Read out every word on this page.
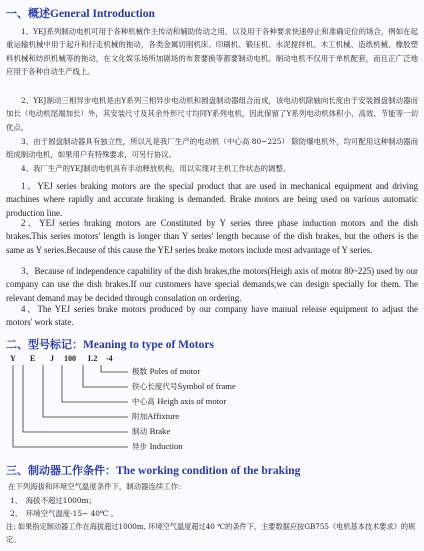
一、概述General Introduction

1、YEJ系列制动电机可用于各种机械作主传动和辅助传动之用，以及用于各种要求快速停止和准确定位的场合，例如在起重运输机械中用于起升和行走机械的拖动，各类金属切削机床、印刷机、锻压机、水泥搅拌机、木工机械、造纸机械、橡胶塑料机械和纺织机械等的拖动，在文化娱乐场所加剧场的布景要换等都要制动电机。制动电机不仅用于单机配套，而且正广泛地应用于各种自动生产线上。

2、YEJ制动三相异步电机是由Y系列三相异步电动机和圆盘制动器组合而成，该电动机除轴向长度由于安装圆盘制动器而加长（电动机尾端加长）外，其安装尺寸及其余外形尺寸均同Y系列电机，因此保留了Y系列电动机体积小、高效、节能等一切优点。

3、由于圆盘制动器具有独立性，所以凡是我厂生产的电动机（中心高 80~225） 除防爆电机外，均可配用这种制动器而组成制动电机，如果用户有特殊要求，可另行协议。

4、我厂生产的YEJ制动电机具有手动释放机构，用以实现对主机工作状态的调整。

1、YEJ series braking motors are the special product that are used in mechanical equipment and driving machines where rapidly and accurate braking is demanded. Brake motors are being used on various automatic production line.

2、YEJ series braking motors are Constituted by Y series three phase induction motors and the dish brakes.This series motors' length is longer than Y series' length because of the dish brakes, but the others is the same as Y series.Because of this cause the YEJ series brake motors include most advantage of Y series.

3、Because of independence capability of the dish brakes,the motors(Heigh axis of motor 80~225) used by our company can use the dish brakes.If our customers have special demands,we can design specially for them. The relevant demand may be decided through consulation on ordering.

4、The YEJ series brake motors produced by our company have manual release equipment to adjust the motors' work state.

二、型号标记：Meaning to type of Motors
Y E J 100 L2 -4
极数 Poles of motor
铁心长度代号Symbol of frame
中心高 Heigh axis of motor
附加Affixture
制动 Brake
异步 Induction
三、制动器工作条件：The working condition of the braking
在下列海拔和环境空气温度条件下，制动器连续工作：
1、　海拔不超过1000m；
2、　环境空气温度-15~ 40℃ 。

注: 如果指定制动器工作在海拔超过1000m, 环境空气温度超过40 ℃的条件下，主要数据应按GB755《电机基本技术要求》的规定。
